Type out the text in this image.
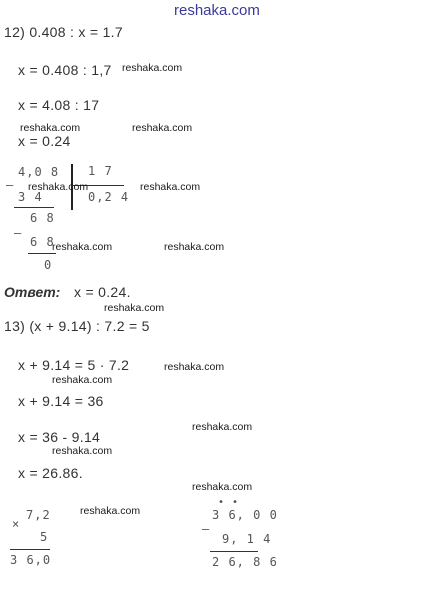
reshaka.com
12) 0.408 : x = 1.7
x = 0.408 : 1,7 reshaka.com
x = 4.08 : 17
reshaka.com	reshaka.com
x = 0.24
–
4,0 8 1 7
0,2 4
3 4
–
6 8
6 8
0
reshaka.com	reshaka.com
reshaka.com	reshaka.com
Ответ: x = 0.24.
reshaka.com
13) (x + 9.14) : 7.2 = 5
x + 9.14 = 5 · 7.2	reshaka.com
reshaka.com
x + 9.14 = 36
reshaka.com
x = 36 - 9.14
reshaka.com
x = 26.86.
reshaka.com
reshaka.com
×
7,2
5
3 6,0
• •
3 6, 0 0
–
9, 1 4
2 6, 8 6
